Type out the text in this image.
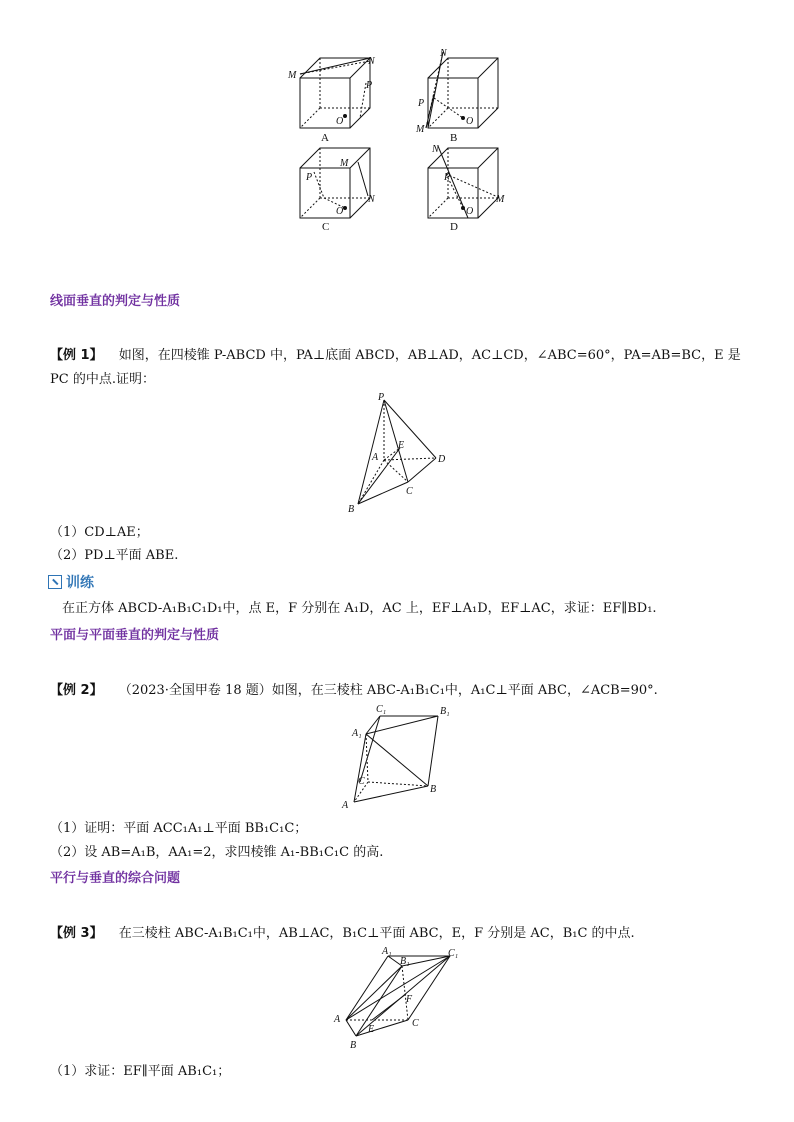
M
N
P
O
A
N
P
M
O
B
M
P
N
O
C
N
P
M
O
D
线面垂直的判定与性质
【例 1】 如图，在四棱锥 P-ABCD 中，PA⊥底面 ABCD，AB⊥AD，AC⊥CD，∠ABC=60°，PA=AB=BC，E 是
PC 的中点.证明：
P
E
A	D
C
B
（1）CD⊥AE；
（2）PD⊥平面 ABE.
训练
在正方体 ABCD-A₁B₁C₁D₁中，点 E，F 分别在 A₁D，AC 上，EF⊥A₁D，EF⊥AC，求证：EF∥BD₁.
平面与平面垂直的判定与性质
【例 2】 （2023·全国甲卷 18 题）如图，在三棱柱 ABC-A₁B₁C₁中，A₁C⊥平面 ABC，∠ACB=90°.
C₁	B₁
A₁
C
A
B
（1）证明：平面 ACC₁A₁⊥平面 BB₁C₁C；
（2）设 AB=A₁B，AA₁=2，求四棱锥 A₁-BB₁C₁C 的高.
平行与垂直的综合问题
【例 3】 在三棱柱 ABC-A₁B₁C₁中，AB⊥AC，B₁C⊥平面 ABC，E，F 分别是 AC，B₁C 的中点.
A₁	C₁
B₁
F
A
E
C
B
（1）求证：EF∥平面 AB₁C₁；
